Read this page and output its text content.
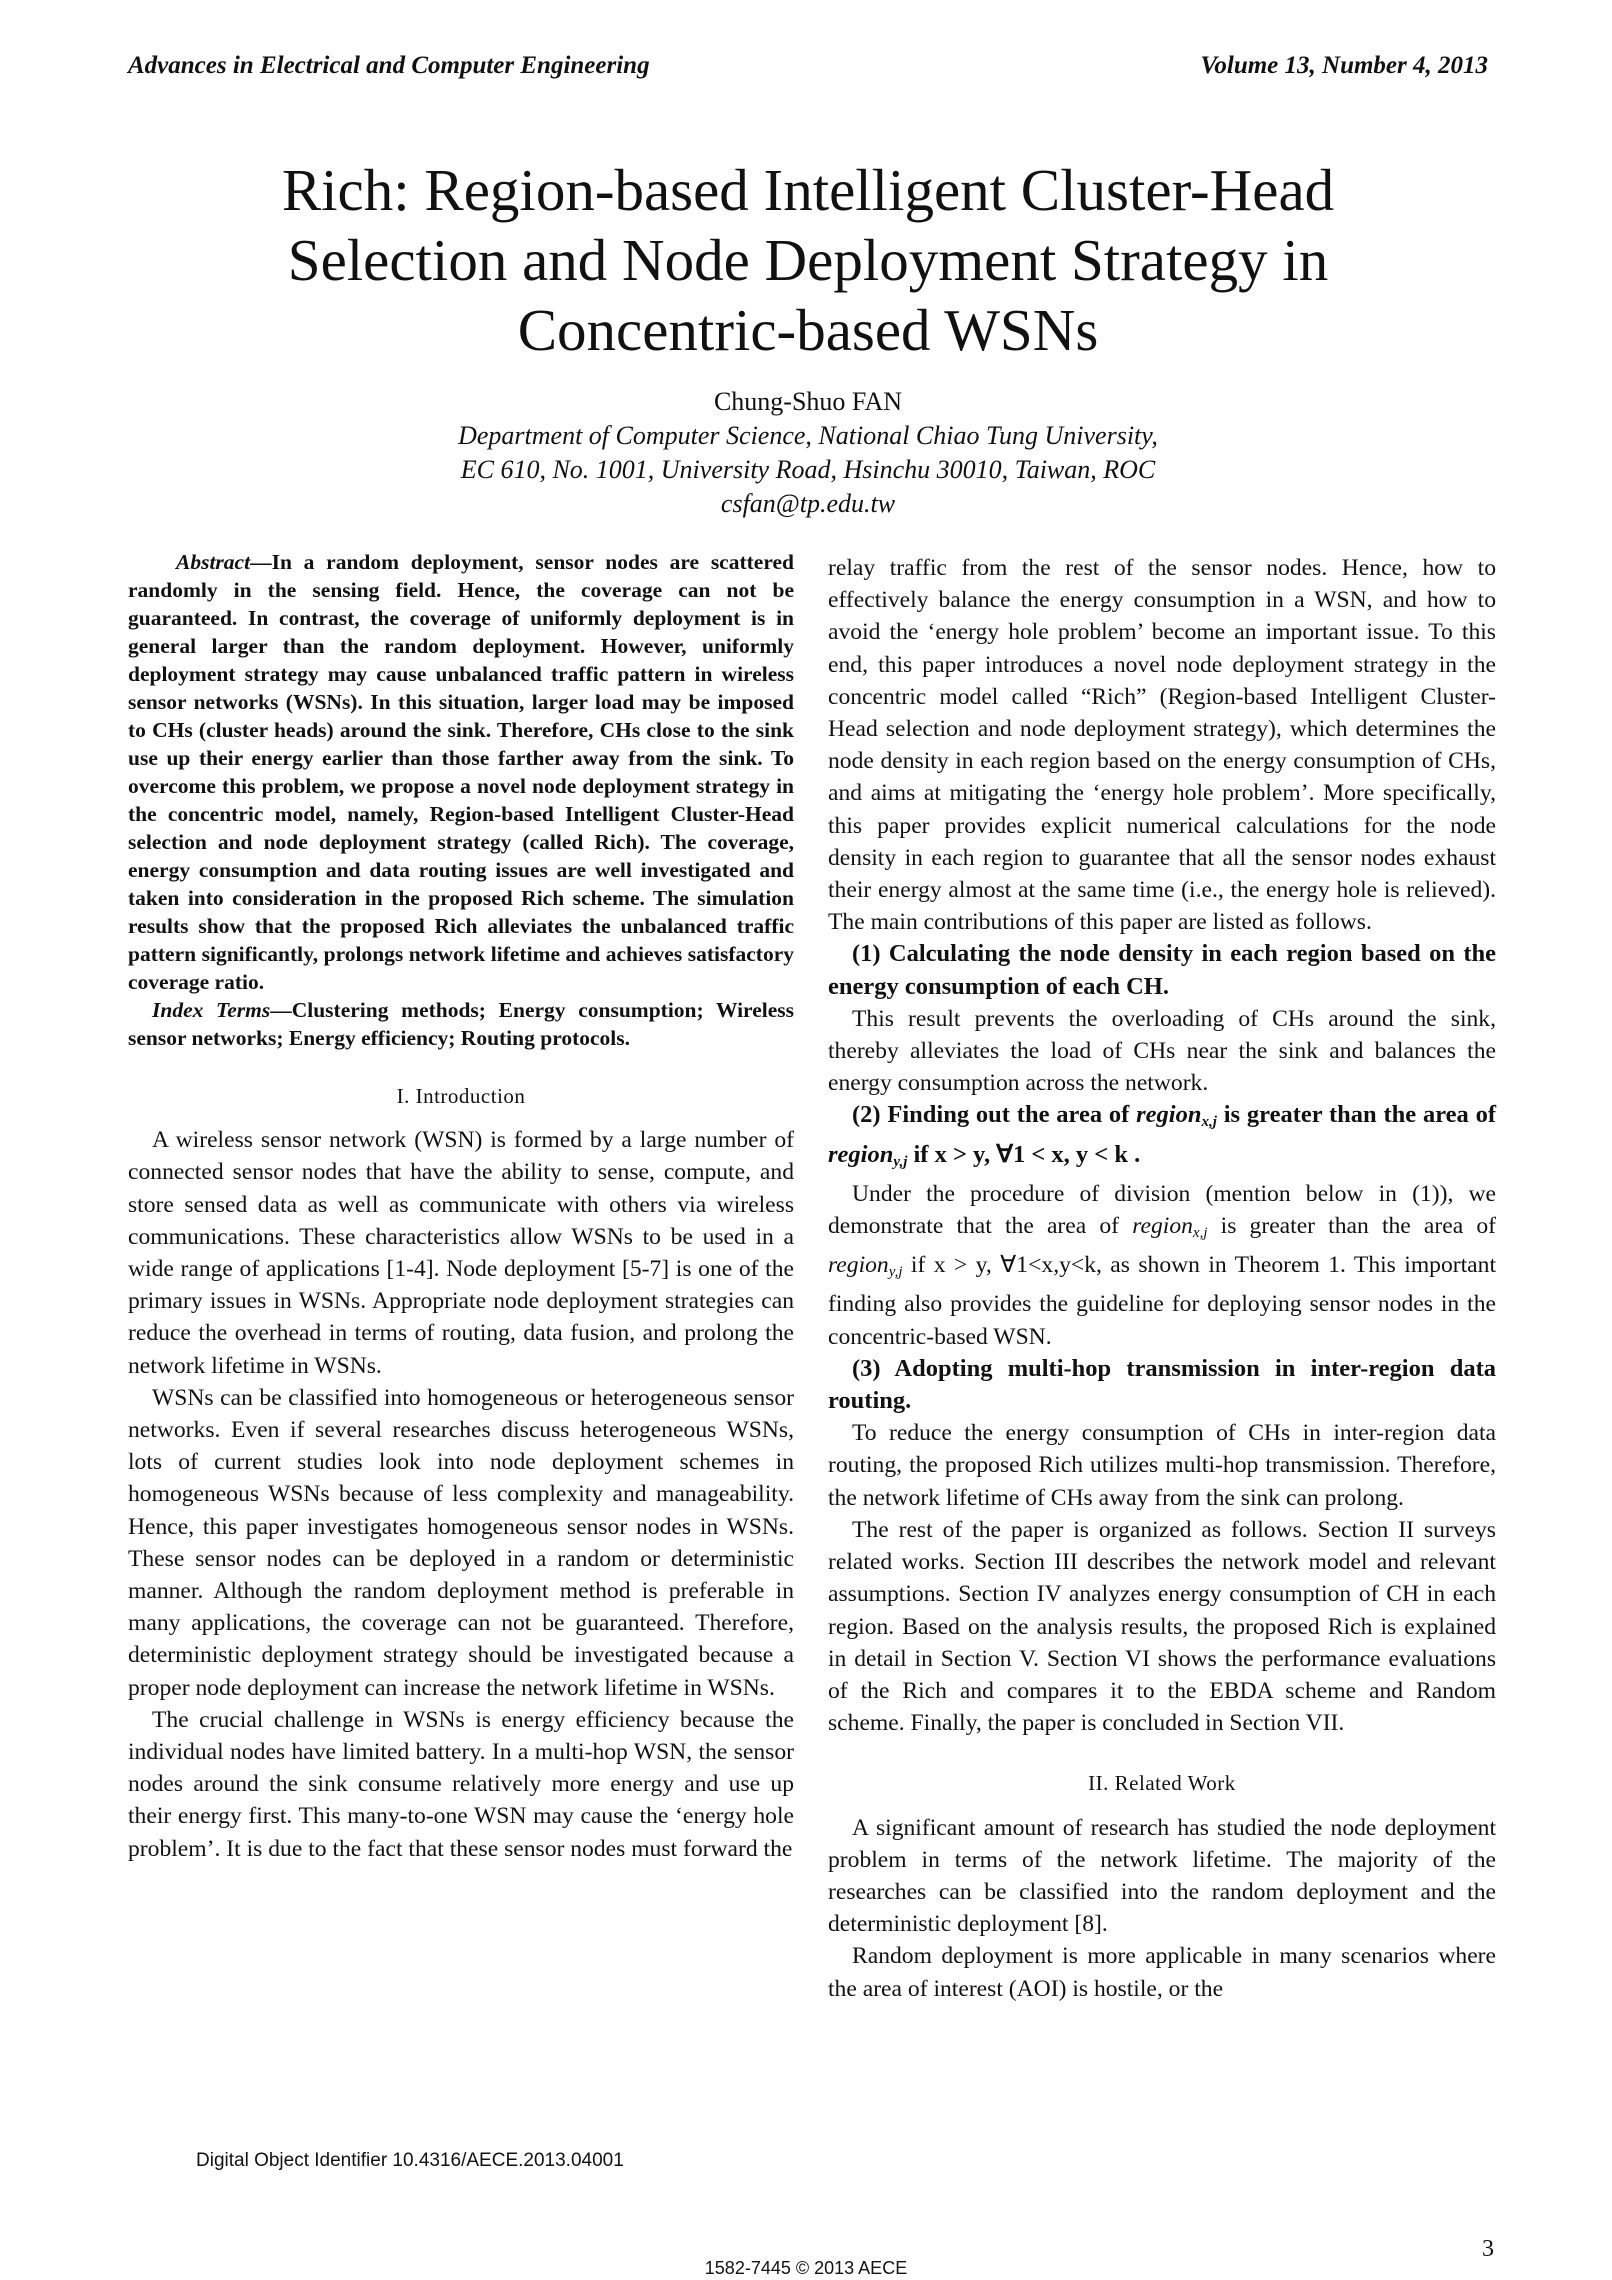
Advances in Electrical and Computer Engineering	Volume 13, Number 4, 2013
Rich: Region-based Intelligent Cluster-Head
Selection and Node Deployment Strategy in
Concentric-based WSNs
Chung-Shuo FAN
Department of Computer Science, National Chiao Tung University,
EC 610, No. 1001, University Road, Hsinchu 30010, Taiwan, ROC
csfan@tp.edu.tw

Abstract—In a random deployment, sensor nodes are scattered randomly in the sensing field. Hence, the coverage can not be guaranteed. In contrast, the coverage of uniformly deployment is in general larger than the random deployment. However, uniformly deployment strategy may cause unbalanced traffic pattern in wireless sensor networks (WSNs). In this situation, larger load may be imposed to CHs (cluster heads) around the sink. Therefore, CHs close to the sink use up their energy earlier than those farther away from the sink. To overcome this problem, we propose a novel node deployment strategy in the concentric model, namely, Region-based Intelligent Cluster-Head selection and node deployment strategy (called Rich). The coverage, energy consumption and data routing issues are well investigated and taken into consideration in the proposed Rich scheme. The simulation results show that the proposed Rich alleviates the unbalanced traffic pattern significantly, prolongs network lifetime and achieves satisfactory coverage ratio.

Index Terms—Clustering methods; Energy consumption; Wireless sensor networks; Energy efficiency; Routing protocols.

I. Introduction

A wireless sensor network (WSN) is formed by a large number of connected sensor nodes that have the ability to sense, compute, and store sensed data as well as communicate with others via wireless communications. These characteristics allow WSNs to be used in a wide range of applications [1-4]. Node deployment [5-7] is one of the primary issues in WSNs. Appropriate node deployment strategies can reduce the overhead in terms of routing, data fusion, and prolong the network lifetime in WSNs.

WSNs can be classified into homogeneous or heterogeneous sensor networks. Even if several researches discuss heterogeneous WSNs, lots of current studies look into node deployment schemes in homogeneous WSNs because of less complexity and manageability. Hence, this paper investigates homogeneous sensor nodes in WSNs. These sensor nodes can be deployed in a random or deterministic manner. Although the random deployment method is preferable in many applications, the coverage can not be guaranteed. Therefore, deterministic deployment strategy should be investigated because a proper node deployment can increase the network lifetime in WSNs.

The crucial challenge in WSNs is energy efficiency because the individual nodes have limited battery. In a multi-hop WSN, the sensor nodes around the sink consume relatively more energy and use up their energy first. This many-to-one WSN may cause the ‘energy hole problem’. It is due to the fact that these sensor nodes must forward the

relay traffic from the rest of the sensor nodes. Hence, how to effectively balance the energy consumption in a WSN, and how to avoid the ‘energy hole problem’ become an important issue. To this end, this paper introduces a novel node deployment strategy in the concentric model called “Rich” (Region-based Intelligent Cluster-Head selection and node deployment strategy), which determines the node density in each region based on the energy consumption of CHs, and aims at mitigating the ‘energy hole problem’. More specifically, this paper provides explicit numerical calculations for the node density in each region to guarantee that all the sensor nodes exhaust their energy almost at the same time (i.e., the energy hole is relieved). The main contributions of this paper are listed as follows.

(1) Calculating the node density in each region based on the energy consumption of each CH.

This result prevents the overloading of CHs around the sink, thereby alleviates the load of CHs near the sink and balances the energy consumption across the network.

(2) Finding out the area of region$_{x,j}$ is greater than the area of region$_{y,j}$ if x > y, ∀1 < x, y < k .

Under the procedure of division (mention below in (1)), we demonstrate that the area of region$_{x,j}$ is greater than the area of region$_{y,j}$ if x > y, ∀1<x,y<k, as shown in Theorem 1. This important finding also provides the guideline for deploying sensor nodes in the concentric-based WSN.

(3) Adopting multi-hop transmission in inter-region data routing.

To reduce the energy consumption of CHs in inter-region data routing, the proposed Rich utilizes multi-hop transmission. Therefore, the network lifetime of CHs away from the sink can prolong.

The rest of the paper is organized as follows. Section II surveys related works. Section III describes the network model and relevant assumptions. Section IV analyzes energy consumption of CH in each region. Based on the analysis results, the proposed Rich is explained in detail in Section V. Section VI shows the performance evaluations of the Rich and compares it to the EBDA scheme and Random scheme. Finally, the paper is concluded in Section VII.

II. Related Work

A significant amount of research has studied the node deployment problem in terms of the network lifetime. The majority of the researches can be classified into the random deployment and the deterministic deployment [8].

Random deployment is more applicable in many scenarios where the area of interest (AOI) is hostile, or the

Digital Object Identifier 10.4316/AECE.2013.04001
3
1582-7445 © 2013 AECE
